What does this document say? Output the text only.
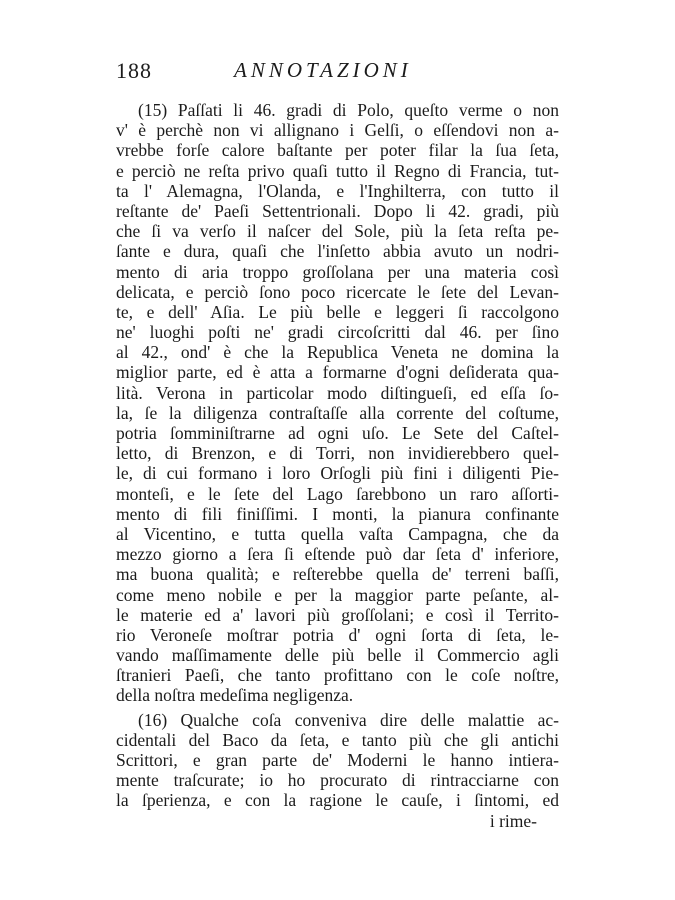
188	ANNOTAZIONI
(15) Paſſati li 46. gradi di Polo, queſto verme o non
v' è perchè non vi allignano i Gelſi, o eſſendovi non a-
vrebbe forſe calore baſtante per poter filar la ſua ſeta,
e perciò ne reſta privo quaſi tutto il Regno di Francia, tut-
ta l' Alemagna, l'Olanda, e l'Inghilterra, con tutto il
reſtante de' Paeſi Settentrionali. Dopo li 42. gradi, più
che ſi va verſo il naſcer del Sole, più la ſeta reſta pe-
ſante e dura, quaſi che l'inſetto abbia avuto un nodri-
mento di aria troppo groſſolana per una materia così
delicata, e perciò ſono poco ricercate le ſete del Levan-
te, e dell' Aſia. Le più belle e leggeri ſi raccolgono
ne' luoghi poſti ne' gradi circoſcritti dal 46. per ſino
al 42., ond' è che la Republica Veneta ne domina la
miglior parte, ed è atta a formarne d'ogni deſiderata qua-
lità. Verona in particolar modo diſtingueſi, ed eſſa ſo-
la, ſe la diligenza contraſtaſſe alla corrente del coſtume,
potria ſomminiſtrarne ad ogni uſo. Le Sete del Caſtel-
letto, di Brenzon, e di Torri, non invidierebbero quel-
le, di cui formano i loro Orſogli più fini i diligenti Pie-
monteſi, e le ſete del Lago ſarebbono un raro aſſorti-
mento di fili finiſſimi. I monti, la pianura confinante
al Vicentino, e tutta quella vaſta Campagna, che da
mezzo giorno a ſera ſi eſtende può dar ſeta d' inferiore,
ma buona qualità; e reſterebbe quella de' terreni baſſi,
come meno nobile e per la maggior parte peſante, al-
le materie ed a' lavori più groſſolani; e così il Territo-
rio Veroneſe moſtrar potria d' ogni ſorta di ſeta, le-
vando maſſimamente delle più belle il Commercio agli
ſtranieri Paeſi, che tanto profittano con le coſe noſtre,
della noſtra medeſima negligenza.
(16) Qualche coſa conveniva dire delle malattie ac-
cidentali del Baco da ſeta, e tanto più che gli antichi
Scrittori, e gran parte de' Moderni le hanno intiera-
mente traſcurate; io ho procurato di rintracciarne con
la ſperienza, e con la ragione le cauſe, i ſintomi, ed
i rime-
